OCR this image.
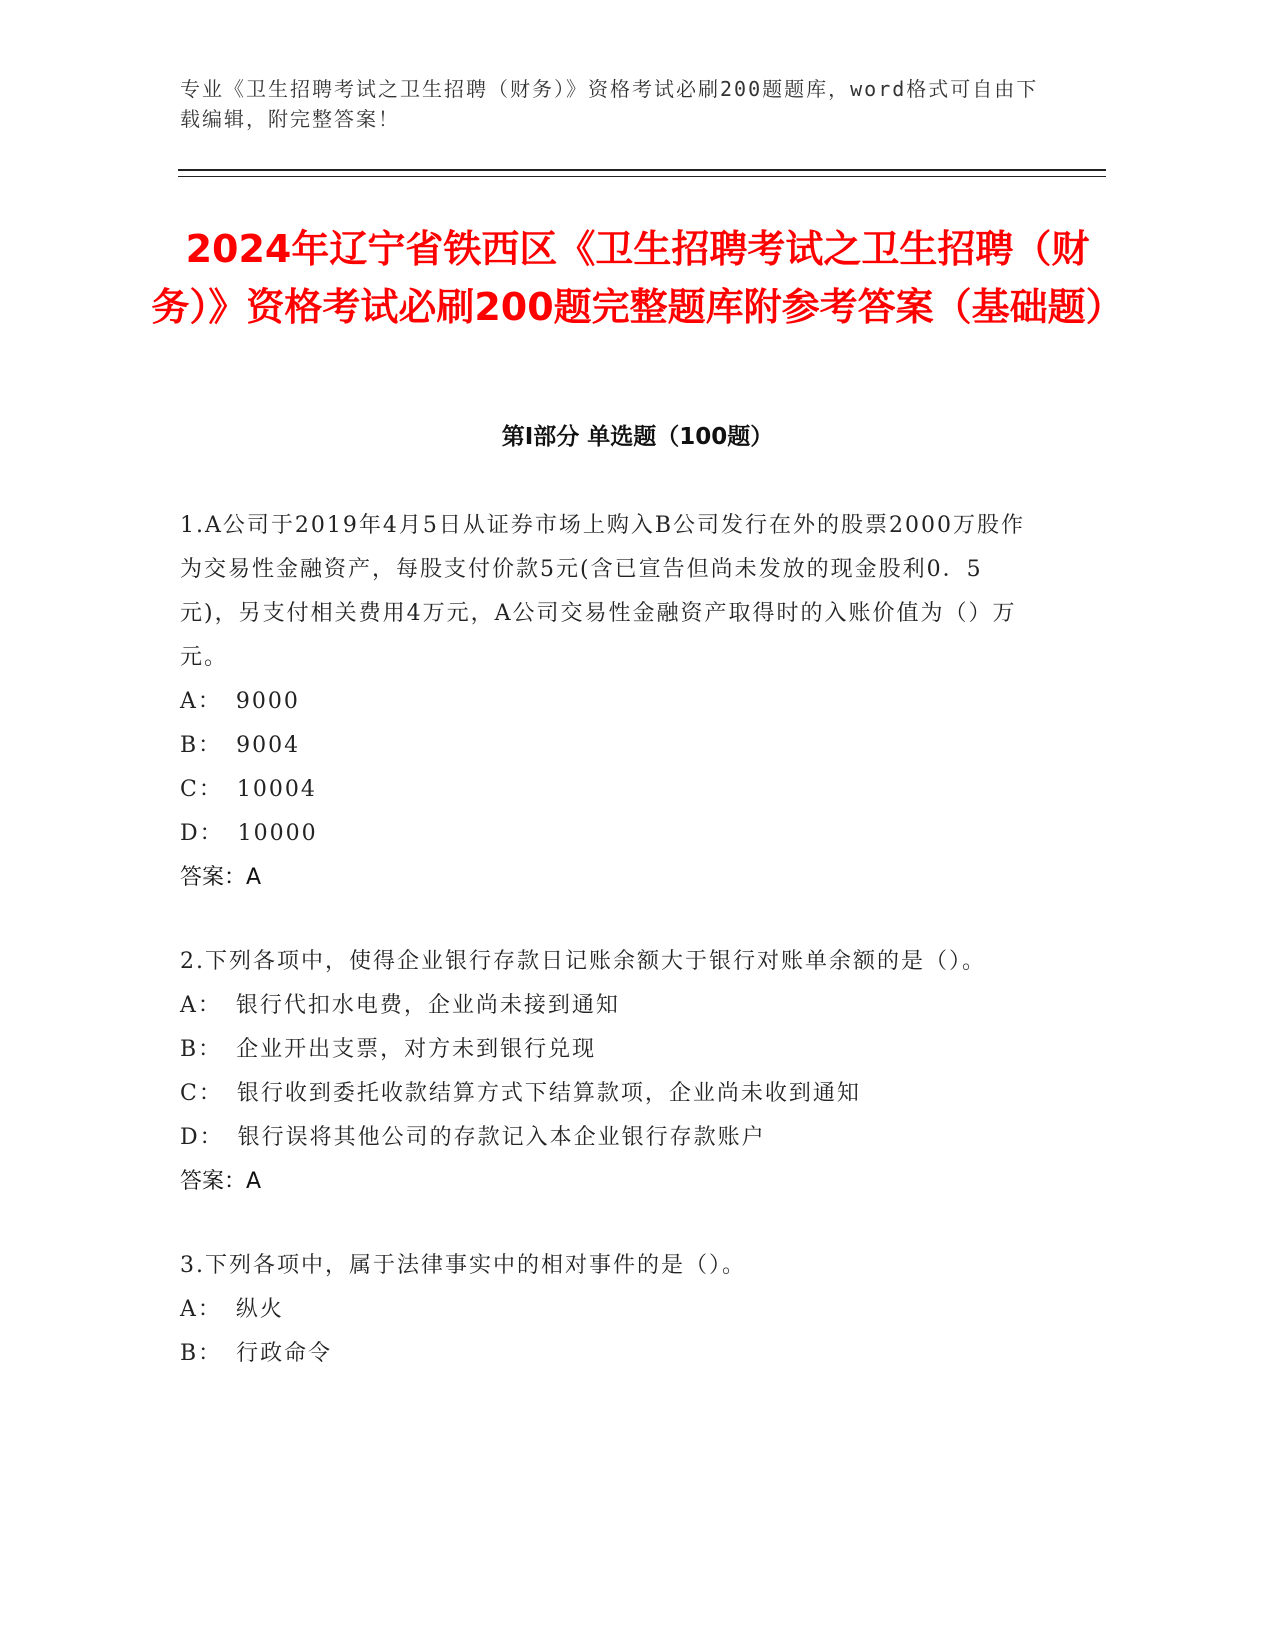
专业《卫生招聘考试之卫生招聘（财务）》资格考试必刷200题题库，word格式可自由下载编辑，附完整答案！
2024年辽宁省铁西区《卫生招聘考试之卫生招聘（财务）》资格考试必刷200题完整题库附参考答案（基础题）
第Ⅰ部分 单选题（100题）
1.A公司于2019年4月5日从证券市场上购入B公司发行在外的股票2000万股作为交易性金融资产，每股支付价款5元(含已宣告但尚未发放的现金股利0．5元)，另支付相关费用4万元，A公司交易性金融资产取得时的入账价值为（）万元。
A： 9000
B： 9004
C： 10004
D： 10000
答案：A
2.下列各项中，使得企业银行存款日记账余额大于银行对账单余额的是（）。
A： 银行代扣水电费，企业尚未接到通知
B： 企业开出支票，对方未到银行兑现
C： 银行收到委托收款结算方式下结算款项，企业尚未收到通知
D： 银行误将其他公司的存款记入本企业银行存款账户
答案：A
3.下列各项中，属于法律事实中的相对事件的是（）。
A： 纵火
B： 行政命令
